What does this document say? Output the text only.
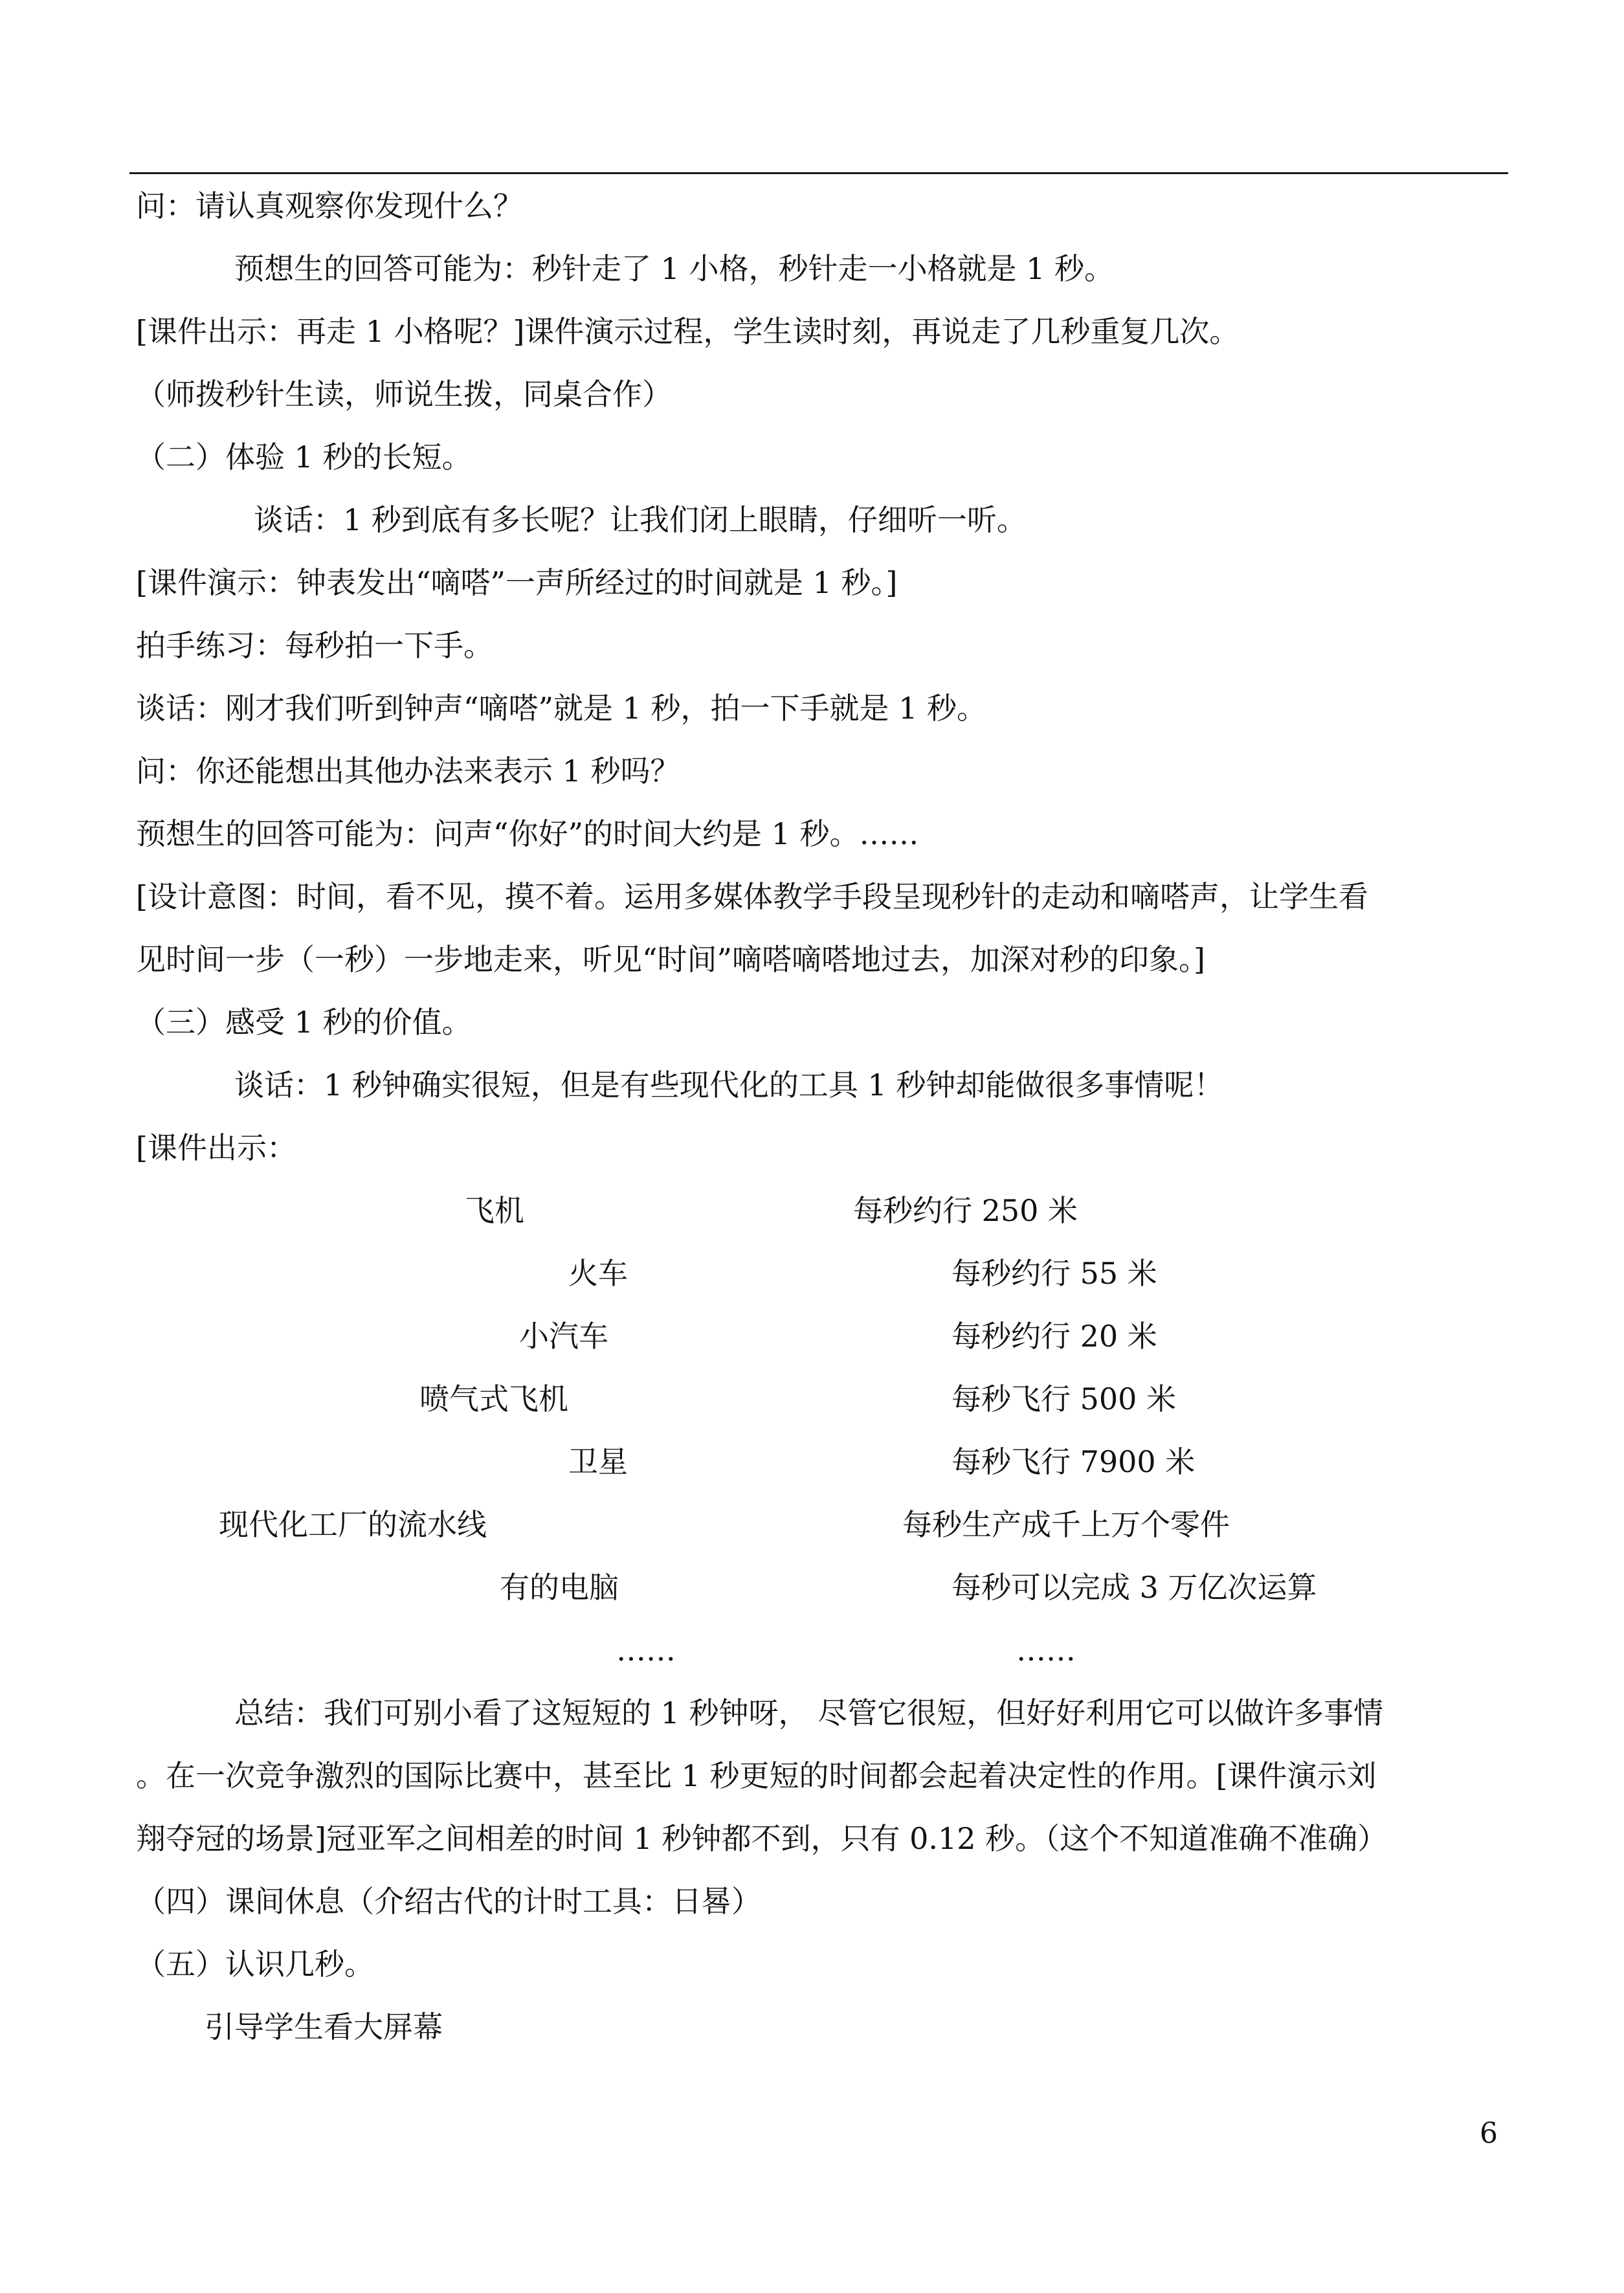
问：请认真观察你发现什么？
预想生的回答可能为：秒针走了 1 小格，秒针走一小格就是 1 秒。
[课件出示：再走 1 小格呢？]课件演示过程，学生读时刻，再说走了几秒重复几次。
（师拨秒针生读，师说生拨，同桌合作）
（二）体验 1 秒的长短。
谈话：1 秒到底有多长呢？让我们闭上眼睛，仔细听一听。
[课件演示：钟表发出“嘀嗒”一声所经过的时间就是 1 秒。]
拍手练习：每秒拍一下手。
谈话：刚才我们听到钟声“嘀嗒”就是 1 秒，拍一下手就是 1 秒。
问：你还能想出其他办法来表示 1 秒吗？
预想生的回答可能为：问声“你好”的时间大约是 1 秒。……
[设计意图：时间，看不见，摸不着。运用多媒体教学手段呈现秒针的走动和嘀嗒声，让学生看
见时间一步（一秒）一步地走来，听见“时间”嘀嗒嘀嗒地过去，加深对秒的印象。]
（三）感受 1 秒的价值。
谈话：1 秒钟确实很短，但是有些现代化的工具 1 秒钟却能做很多事情呢！
[课件出示：
飞机	每秒约行 250 米
火车	每秒约行 55 米
小汽车	每秒约行 20 米
喷气式飞机	每秒飞行 500 米
卫星	每秒飞行 7900 米
现代化工厂的流水线	每秒生产成千上万个零件
有的电脑	每秒可以完成 3 万亿次运算
……	……
总结：我们可别小看了这短短的 1 秒钟呀， 尽管它很短，但好好利用它可以做许多事情
。在一次竞争激烈的国际比赛中，甚至比 1 秒更短的时间都会起着决定性的作用。[课件演示刘
翔夺冠的场景]冠亚军之间相差的时间 1 秒钟都不到，只有 0.12 秒。（这个不知道准确不准确）
（四）课间休息（介绍古代的计时工具：日晷）
（五）认识几秒。
引导学生看大屏幕
6
